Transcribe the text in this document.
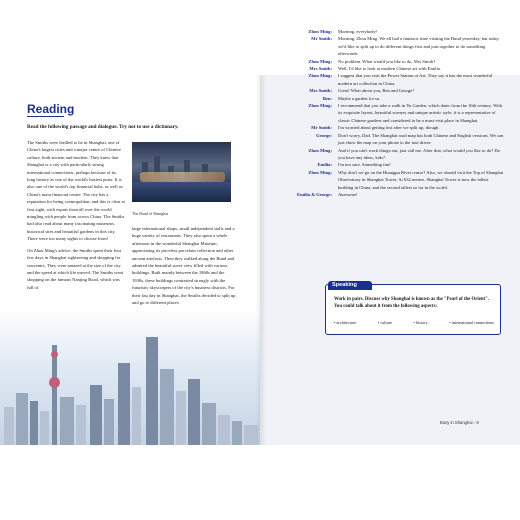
Reading
Read the following passage and dialogue. Try not to use a dictionary.

The Smiths were thrilled to be in Shanghai, one of China's largest cities and a major centre of Chinese culture, both ancient and modern. They knew that Shanghai is a city with particularly strong international connections, perhaps because of its long history as one of the world's busiest ports. It is also one of the world's top financial hubs, as well as China's main financial centre. The city has a reputation for being cosmopolitan, and this is clear at first sight, with expats from all over the world mingling with people from across China. The Smiths had also read about many fascinating museums, historical sites and beautiful gardens in this city. There were too many sights to choose from!

On Zhou Ming's advice, the Smiths spent their first few days in Shanghai sightseeing and shopping for souvenirs. They were amazed at the size of the city and the speed at which life moved. The Smiths went shopping on the famous Nanjing Road, which was full of

The Bund of Shanghai

large international shops, small independent stalls and a huge variety of restaurants. They also spent a whole afternoon in the wonderful Shanghai Museum, appreciating its priceless porcelain collection and other ancient artefacts. Then they walked along the Bund and admired the beautiful street view filled with various buildings. Built mainly between the 1860s and the 1930s, these buildings contrasted strongly with the futuristic skyscrapers of the city's business districts. For their last day in Shanghai, the Smiths decided to split up and go to different places.

Zhou Ming:	Morning, everybody!
Mr Smith:	Morning, Zhou Ming. We all had a fantastic time visiting the Bund yesterday, but today we'd like to split up to do different things first and join together to do something afterwards.
Zhou Ming:	No problem. What would you like to do, Mrs Smith?
Mrs Smith:	Well, I'd like to look at modern Chinese art with Emilia.
Zhou Ming:	I suggest that you visit the Power Station of Art. They say it has the most wonderful modern art collection in China.
Mrs Smith:	Great! What about you, Ben and George?
Ben:	Maybe a garden for us.
Zhou Ming:	I recommend that you take a walk in Yu Garden, which dates from the 16th century. With its exquisite layout, beautiful scenery and unique artistic style, it is a representative of classic Chinese gardens and considered to be a must-visit place in Shanghai.
Mr Smith:	I'm worried about getting lost after we split up, though.
George:	Don't worry, Dad. The Shanghai road map has both Chinese and English versions. We can just show the map on your phone to the taxi driver.
Zhou Ming:	And if you can't work things out, just call me. After that, what would you like to do? Do you have any ideas, kids?
Emilia:	I'm not sure. Something fun!
Zhou Ming:	Why don't we go on the Huangpu River cruise? Also, we should visit the Top of Shanghai Observatory in Shanghai Tower. At 632 metres, Shanghai Tower is now the tallest building in China, and the second tallest so far in the world.
Emilia & George:	Awesome!
Speaking
Work in pairs. Discuss why Shanghai is known as the "Pearl of the Orient". You could talk about it from the following aspects:
• architecture	• culture	• history	• international connections
Busy in Shanghai ◦ 9
